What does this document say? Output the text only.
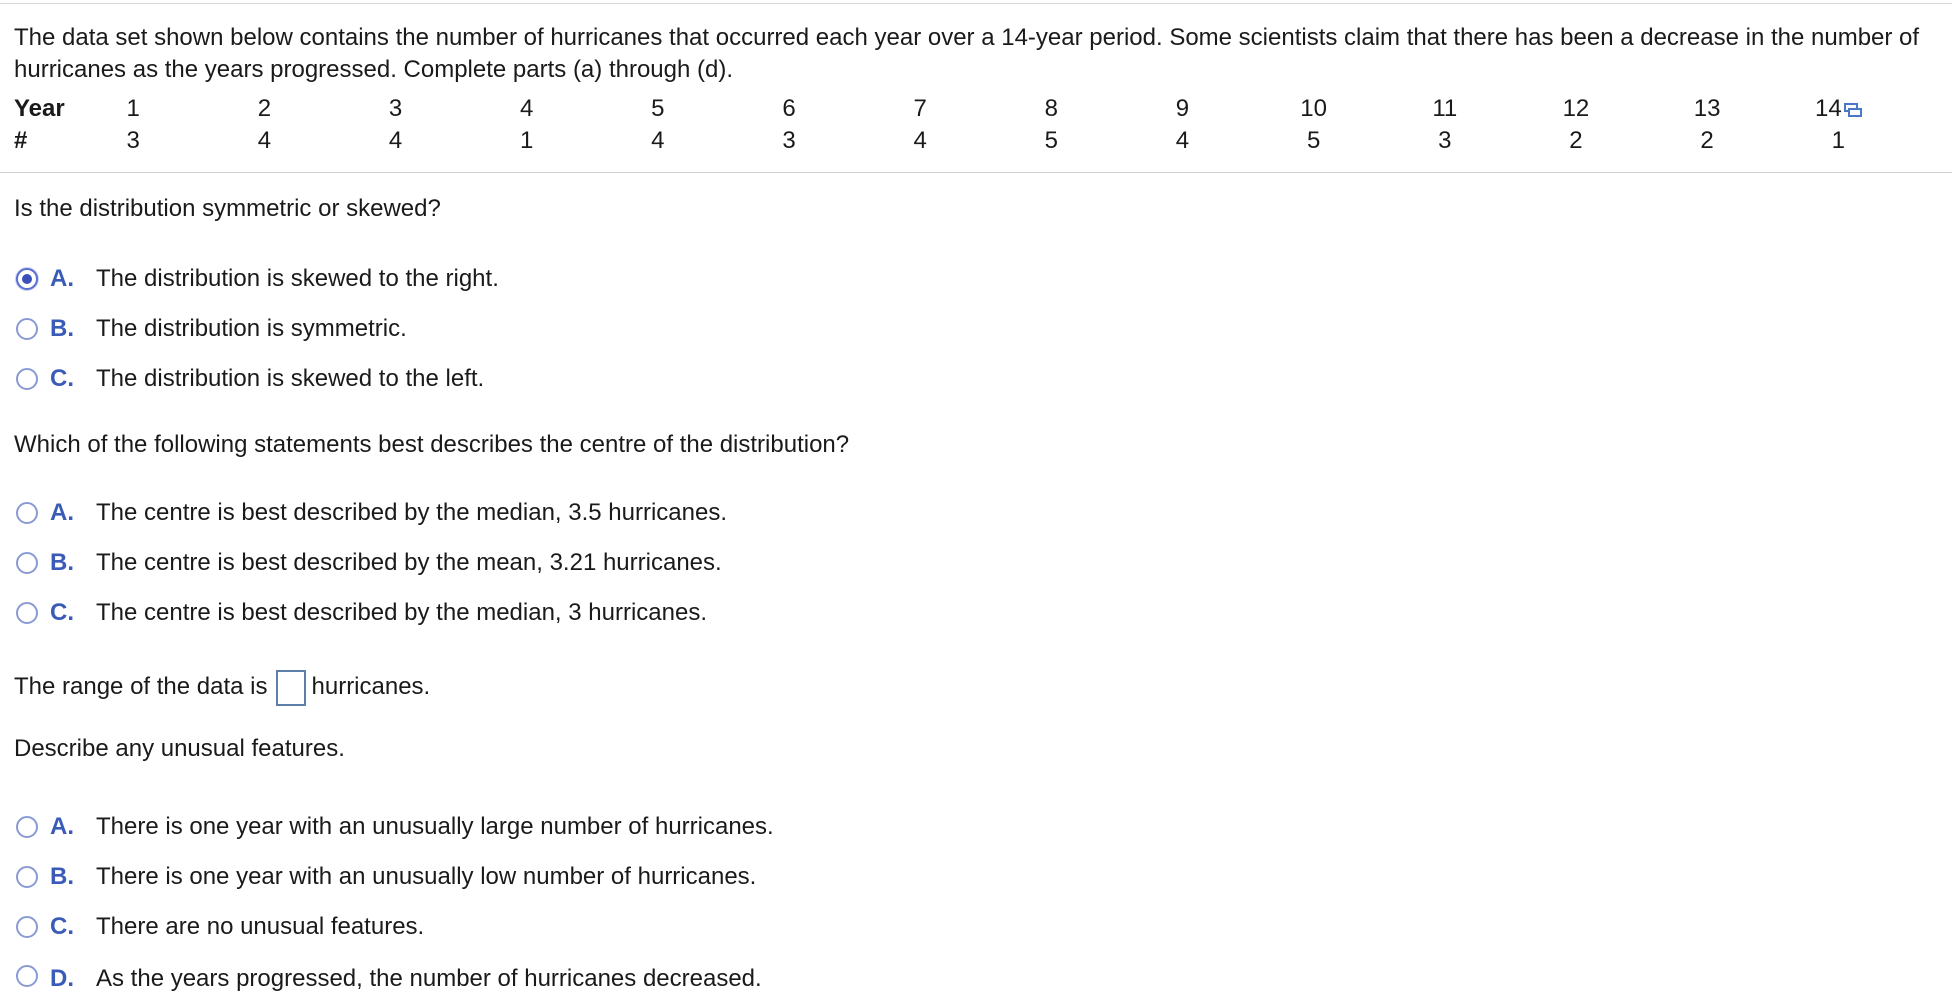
The data set shown below contains the number of hurricanes that occurred each year over a 14-year period. Some scientists claim that there has been a decrease in the number of hurricanes as the years progressed. Complete parts (a) through (d).
Year	1	2	3	4	5	6	7	8	9	10	11	12	13	14

#	3	4	4	1	4	3	4	5	4	5	3	2	2	1
Is the distribution symmetric or skewed?
A. The distribution is skewed to the right.
B. The distribution is symmetric.
C. The distribution is skewed to the left.
Which of the following statements best describes the centre of the distribution?
A. The centre is best described by the median, 3.5 hurricanes.
B. The centre is best described by the mean, 3.21 hurricanes.
C. The centre is best described by the median, 3 hurricanes.
The range of the data is hurricanes.
Describe any unusual features.
A. There is one year with an unusually large number of hurricanes.
B. There is one year with an unusually low number of hurricanes.
C. There are no unusual features.
D. As the years progressed, the number of hurricanes decreased.
